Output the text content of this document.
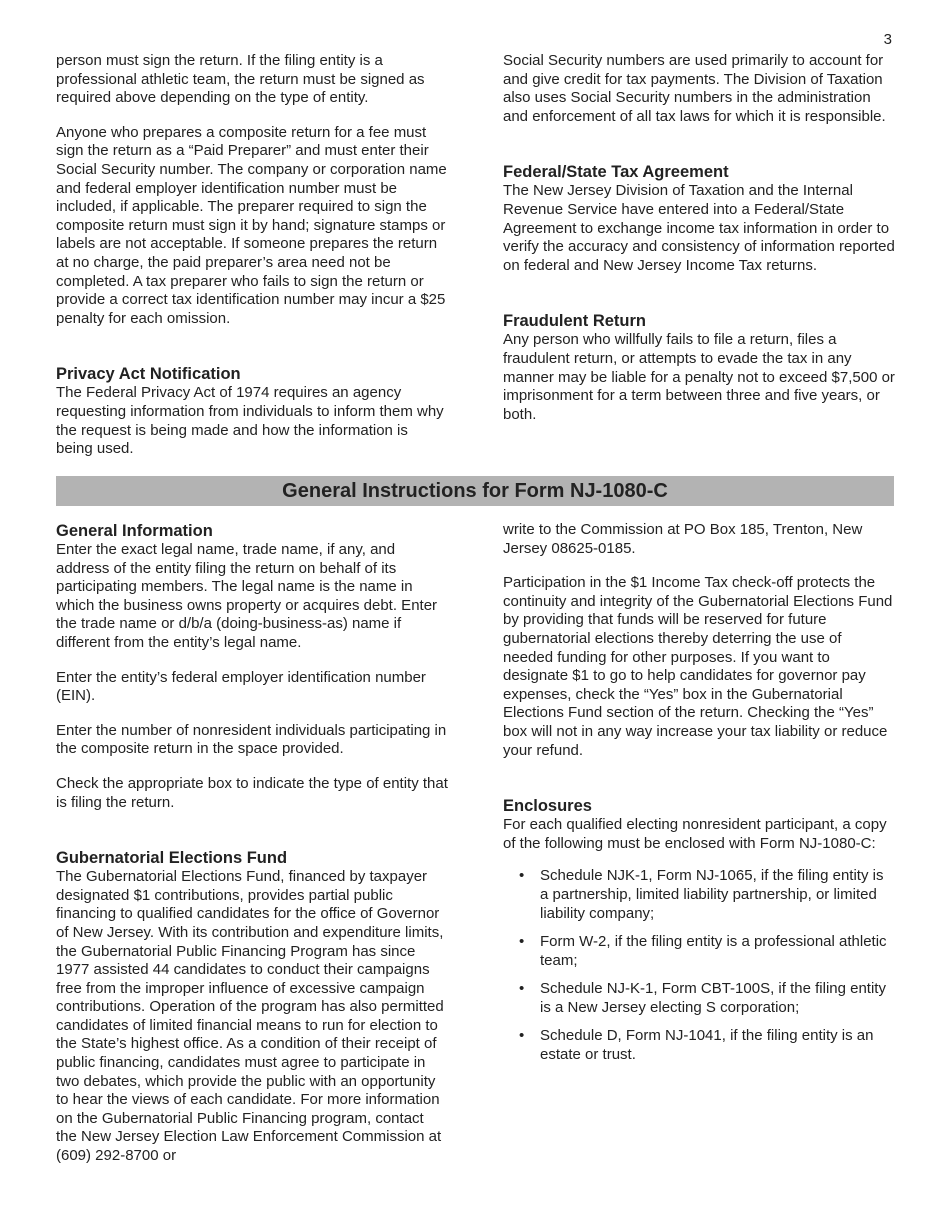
3

person must sign the return. If the filing entity is a professional athletic team, the return must be signed as required above depending on the type of entity.

Anyone who prepares a composite return for a fee must sign the return as a “Paid Preparer” and must enter their Social Security number. The company or corporation name and federal employer identification number must be included, if applicable. The preparer required to sign the composite return must sign it by hand; signature stamps or labels are not acceptable. If someone prepares the return at no charge, the paid preparer’s area need not be completed. A tax preparer who fails to sign the return or provide a correct tax identification number may incur a $25 penalty for each omission.

Privacy Act Notification

The Federal Privacy Act of 1974 requires an agency requesting information from individuals to inform them why the request is being made and how the information is being used.

Social Security numbers are used primarily to account for and give credit for tax payments. The Division of Taxation also uses Social Security numbers in the administration and enforcement of all tax laws for which it is responsible.

Federal/State Tax Agreement

The New Jersey Division of Taxation and the Internal Revenue Service have entered into a Federal/State Agreement to exchange income tax information in order to verify the accuracy and consistency of information reported on federal and New Jersey Income Tax returns.

Fraudulent Return

Any person who willfully fails to file a return, files a fraudulent return, or attempts to evade the tax in any manner may be liable for a penalty not to exceed $7,500 or imprisonment for a term between three and five years, or both.

General Instructions for Form NJ-1080-C
General Information

Enter the exact legal name, trade name, if any, and address of the entity filing the return on behalf of its participating members. The legal name is the name in which the business owns property or acquires debt. Enter the trade name or d/b/a (doing-business-as) name if different from the entity’s legal name.

Enter the entity’s federal employer identification number (EIN).

Enter the number of nonresident individuals participating in the composite return in the space provided.

Check the appropriate box to indicate the type of entity that is filing the return.

Gubernatorial Elections Fund

The Gubernatorial Elections Fund, financed by taxpayer designated $1 contributions, provides partial public financing to qualified candidates for the office of Governor of New Jersey. With its contribution and expenditure limits, the Gubernatorial Public Financing Program has since 1977 assisted 44 candidates to conduct their campaigns free from the improper influence of excessive campaign contributions. Operation of the program has also permitted candidates of limited financial means to run for election to the State’s highest office. As a condition of their receipt of public financing, candidates must agree to participate in two debates, which provide the public with an opportunity to hear the views of each candidate. For more information on the Gubernatorial Public Financing program, contact the New Jersey Election Law Enforcement Commission at (609) 292-8700 or

write to the Commission at PO Box 185, Trenton, New Jersey 08625-0185.

Participation in the $1 Income Tax check-off protects the continuity and integrity of the Gubernatorial Elections Fund by providing that funds will be reserved for future gubernatorial elections thereby deterring the use of needed funding for other purposes. If you want to designate $1 to go to help candidates for governor pay expenses, check the “Yes” box in the Gubernatorial Elections Fund section of the return. Checking the “Yes” box will not in any way increase your tax liability or reduce your refund.

Enclosures

For each qualified electing nonresident participant, a copy of the following must be enclosed with Form NJ-1080-C:

• Schedule NJK-1, Form NJ-1065, if the filing entity is a partnership, limited liability partnership, or limited liability company;
• Form W-2, if the filing entity is a professional athletic team;
• Schedule NJ-K-1, Form CBT-100S, if the filing entity is a New Jersey electing S corporation;
• Schedule D, Form NJ-1041, if the filing entity is an estate or trust.
